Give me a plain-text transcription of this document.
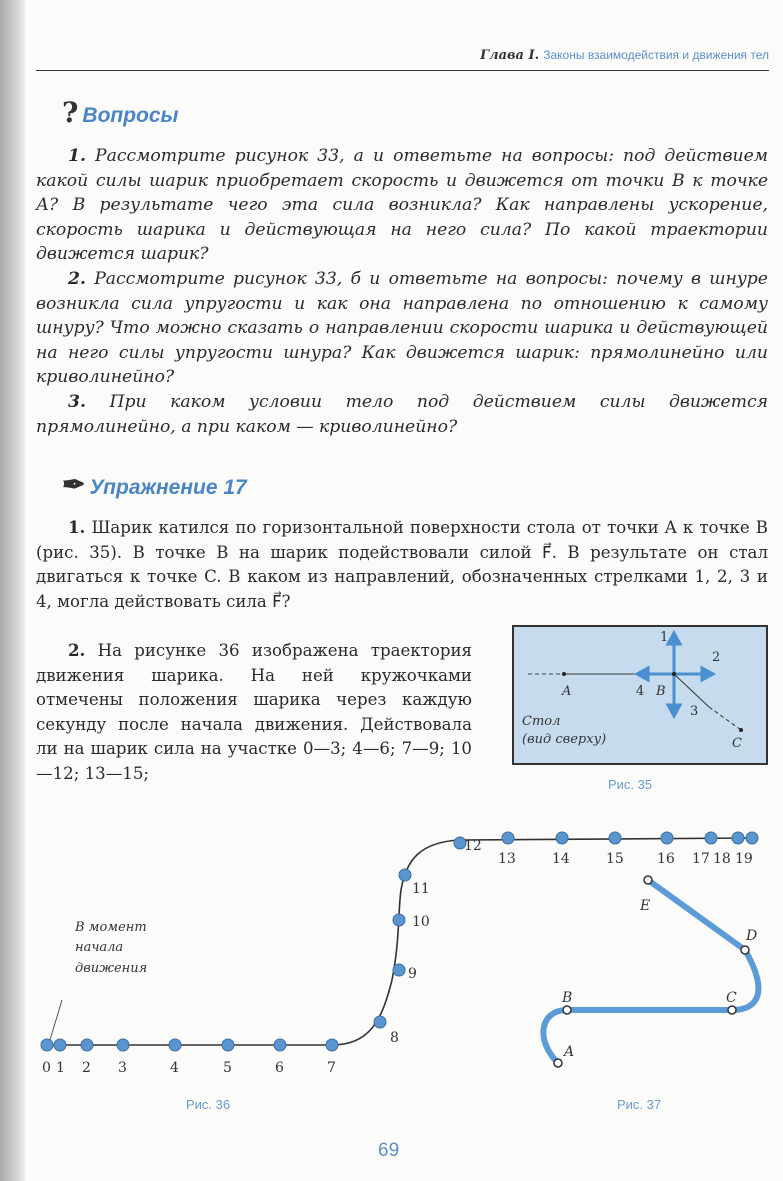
Глава I. Законы взаимодействия и движения тел
? Вопросы

1. Рассмотрите рисунок 33, а и ответьте на вопросы: под действием какой силы шарик приобретает скорость и движется от точки В к точке А? В результате чего эта сила возникла? Как направлены ускорение, скорость шарика и действующая на него сила? По какой траектории движется шарик?

2. Рассмотрите рисунок 33, б и ответьте на вопросы: почему в шнуре возникла сила упругости и как она направлена по отношению к самому шнуру? Что можно сказать о направлении скорости шарика и действующей на него силы упругости шнура? Как движется шарик: прямолинейно или криволинейно?

3. При каком условии тело под действием силы движется прямолинейно, а при каком — криволинейно?

✒ Упражнение 17

1. Шарик катился по горизонтальной поверхности стола от точки A к точке B (рис. 35). В точке B на шарик подействовали силой F⃗. В результате он стал двигаться к точке C. В каком из направлений, обозначенных стрелками 1, 2, 3 и 4, могла действовать сила F⃗?

2. На рисунке 36 изображена траектория движения шарика. На ней кружочками отмечены положения шарика через каждую секунду после начала движения. Действовала ли на шарик сила на участке 0—3; 4—6; 7—9; 10—12; 13—15;

A	B
C
Стол
(вид сверху)
1
2
3
4
Рис. 35
В момент
начала
движения
0 1 2 3	4	5	6	7
8
9
10
11
12
13	14	15 16 17 18 19
A
B	C
D
E
Рис. 36	Рис. 37
69
